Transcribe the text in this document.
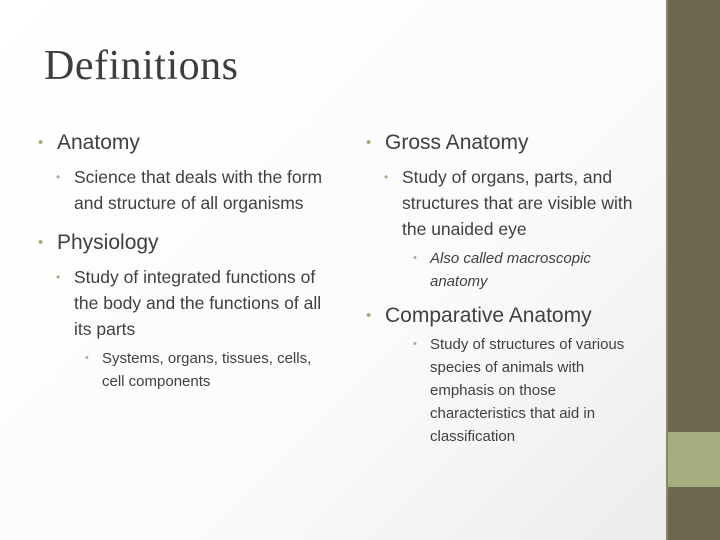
Definitions
• Anatomy
• Science that deals with the form and structure of all organisms
• Physiology
• Study of integrated functions of the body and the functions of all its parts
• Systems, organs, tissues, cells, cell components
• Gross Anatomy
• Study of organs, parts, and structures that are visible with the unaided eye
• Also called macroscopic anatomy
• Comparative Anatomy
• Study of structures of various species of animals with emphasis on those characteristics that aid in classification
